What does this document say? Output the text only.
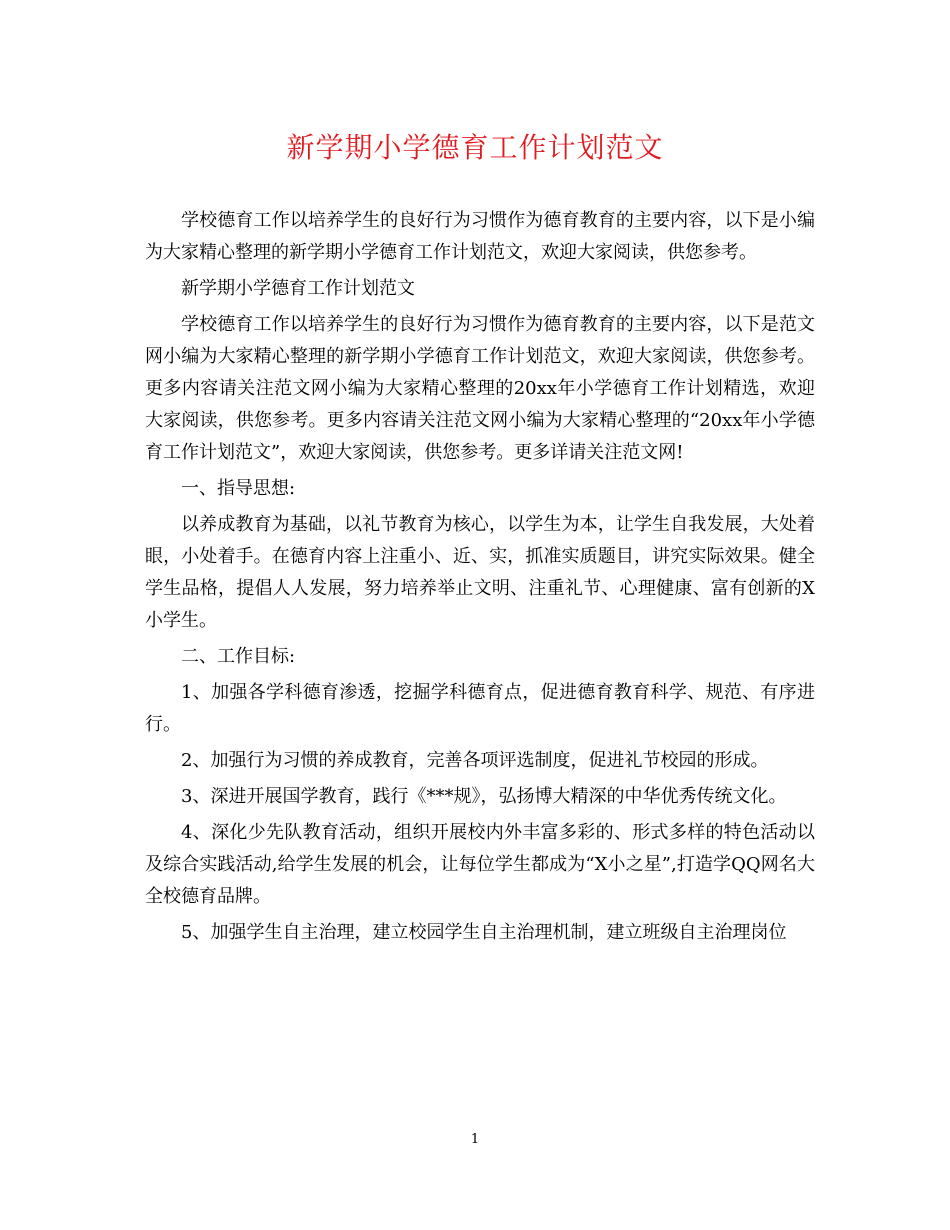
新学期小学德育工作计划范文

学校德育工作以培养学生的良好行为习惯作为德育教育的主要内容，以下是小编为大家精心整理的新学期小学德育工作计划范文，欢迎大家阅读，供您参考。

新学期小学德育工作计划范文

学校德育工作以培养学生的良好行为习惯作为德育教育的主要内容，以下是范文网小编为大家精心整理的新学期小学德育工作计划范文，欢迎大家阅读，供您参考。更多内容请关注范文网小编为大家精心整理的20xx年小学德育工作计划精选，欢迎大家阅读，供您参考。更多内容请关注范文网小编为大家精心整理的“20xx年小学德育工作计划范文”，欢迎大家阅读，供您参考。更多详请关注范文网!

一、指导思想:

以养成教育为基础，以礼节教育为核心，以学生为本，让学生自我发展，大处着眼，小处着手。在德育内容上注重小、近、实，抓准实质题目，讲究实际效果。健全学生品格，提倡人人发展，努力培养举止文明、注重礼节、心理健康、富有创新的X小学生。

二、工作目标:

1、加强各学科德育渗透，挖掘学科德育点，促进德育教育科学、规范、有序进行。

2、加强行为习惯的养成教育，完善各项评选制度，促进礼节校园的形成。

3、深进开展国学教育，践行《***规》，弘扬博大精深的中华优秀传统文化。

4、深化少先队教育活动，组织开展校内外丰富多彩的、形式多样的特色活动以及综合实践活动,给学生发展的机会，让每位学生都成为“X小之星”,打造学QQ网名大全校德育品牌。

5、加强学生自主治理，建立校园学生自主治理机制，建立班级自主治理岗位

1
